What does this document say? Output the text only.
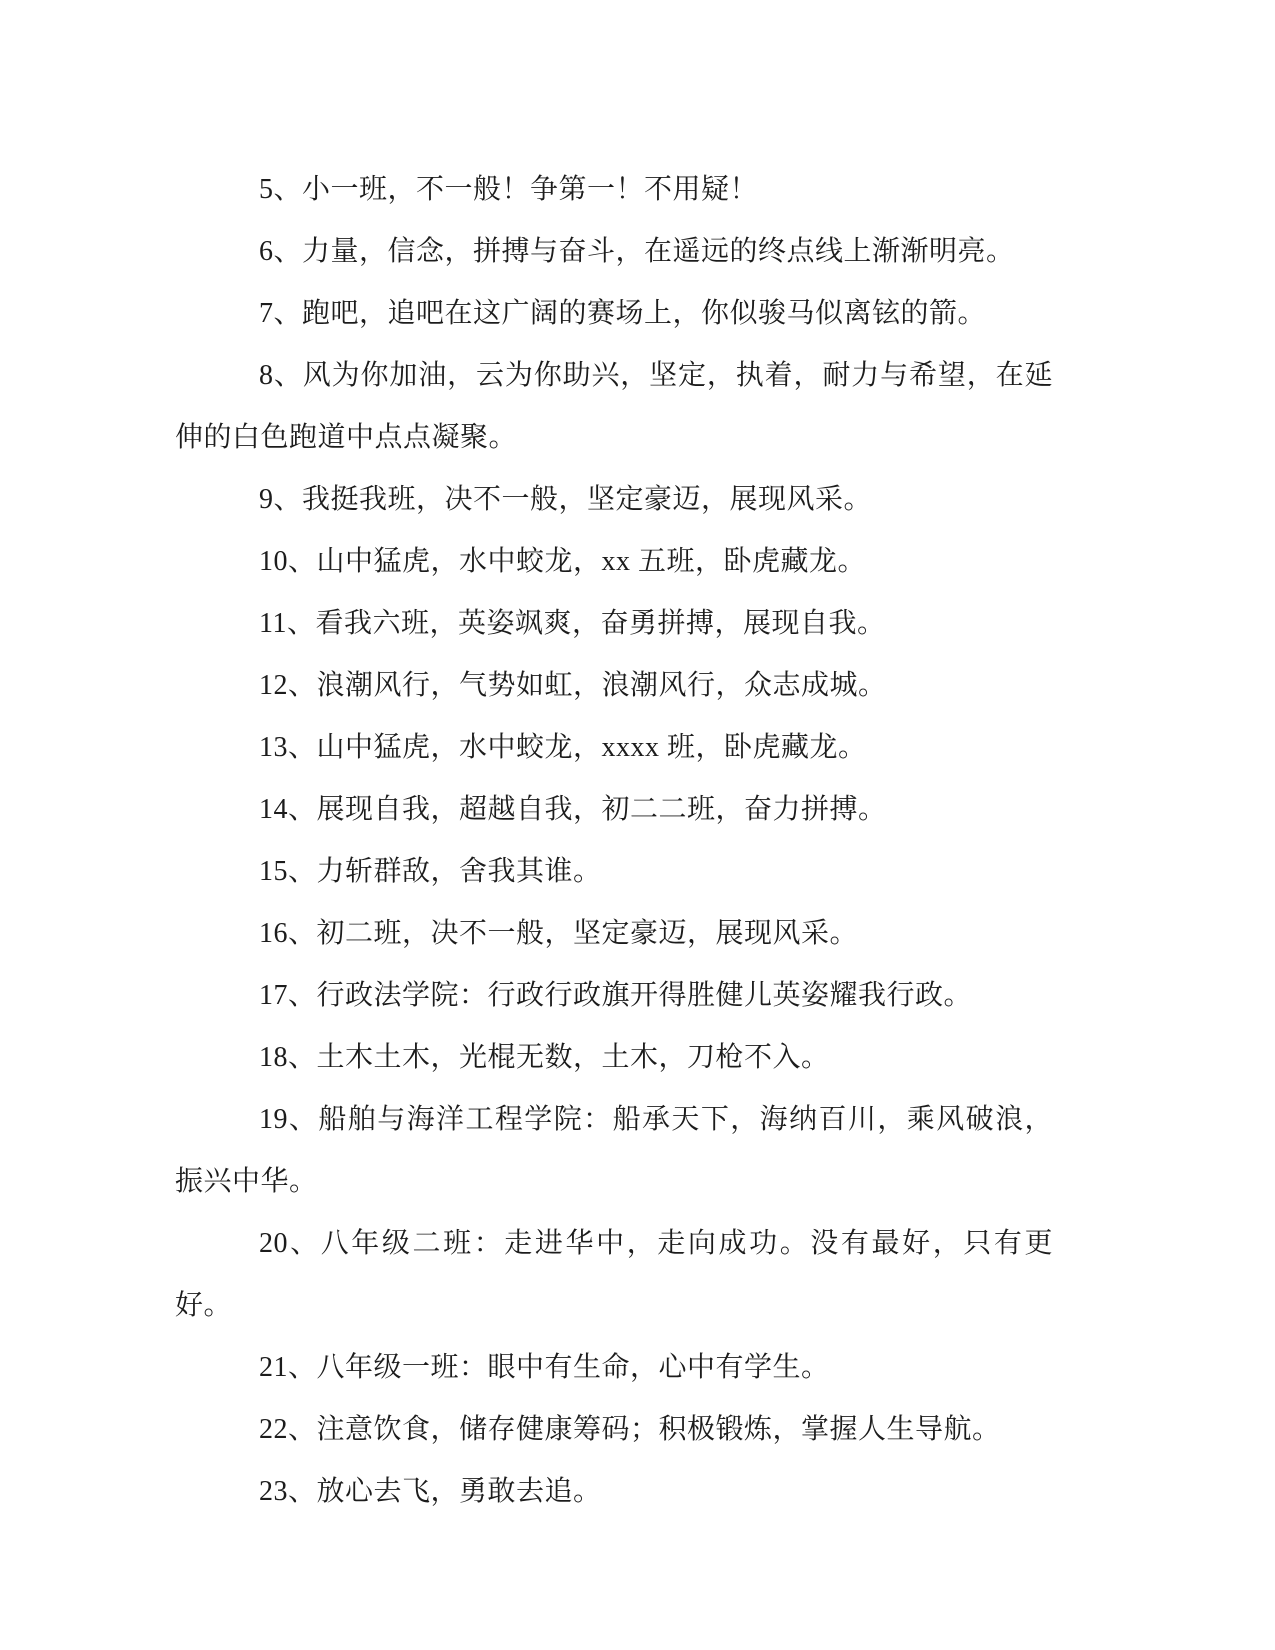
5、小一班，不一般！争第一！不用疑！

6、力量，信念，拼搏与奋斗，在遥远的终点线上渐渐明亮。

7、跑吧，追吧在这广阔的赛场上，你似骏马似离铉的箭。

8、风为你加油，云为你助兴，坚定，执着，耐力与希望，在延伸的白色跑道中点点凝聚。

9、我挺我班，决不一般，坚定豪迈，展现风采。

10、山中猛虎，水中蛟龙，xx 五班，卧虎藏龙。

11、看我六班，英姿飒爽，奋勇拼搏，展现自我。

12、浪潮风行，气势如虹，浪潮风行，众志成城。

13、山中猛虎，水中蛟龙，xxxx 班，卧虎藏龙。

14、展现自我，超越自我，初二二班，奋力拼搏。

15、力斩群敌，舍我其谁。

16、初二班，决不一般，坚定豪迈，展现风采。

17、行政法学院：行政行政旗开得胜健儿英姿耀我行政。

18、土木土木，光棍无数，土木，刀枪不入。

19、船舶与海洋工程学院：船承天下，海纳百川，乘风破浪，振兴中华。

20、八年级二班：走进华中，走向成功。没有最好，只有更好。

21、八年级一班：眼中有生命，心中有学生。

22、注意饮食，储存健康筹码；积极锻炼，掌握人生导航。

23、放心去飞，勇敢去追。
